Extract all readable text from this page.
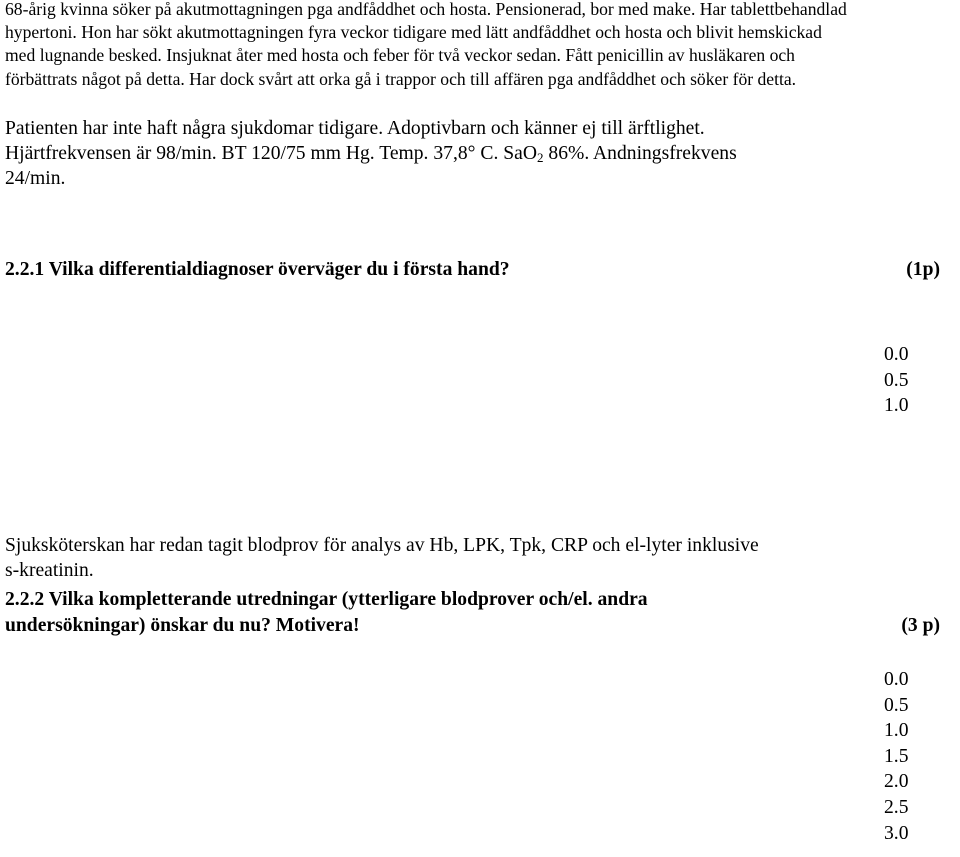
68-årig kvinna söker på akutmottagningen pga andfåddhet och hosta. Pensionerad, bor med make. Har tablettbehandlad
hypertoni. Hon har sökt akutmottagningen fyra veckor tidigare med lätt andfåddhet och hosta och blivit hemskickad
med lugnande besked. Insjuknat åter med hosta och feber för två veckor sedan. Fått penicillin av husläkaren och
förbättrats något på detta. Har dock svårt att orka gå i trappor och till affären pga andfåddhet och söker för detta.
Patienten har inte haft några sjukdomar tidigare. Adoptivbarn och känner ej till ärftlighet.
Hjärtfrekvensen är 98/min. BT 120/75 mm Hg. Temp. 37,8° C. SaO$_2$ 86%. Andningsfrekvens
24/min.
2.2.1 Vilka differentialdiagnoser överväger du i första hand?	(1p)
0.0
0.5
1.0
Sjuksköterskan har redan tagit blodprov för analys av Hb, LPK, Tpk, CRP och el-lyter inklusive
s-kreatinin.
2.2.2 Vilka kompletterande utredningar (ytterligare blodprover och/el. andra
undersökningar) önskar du nu? Motivera!	(3 p)
0.0
0.5
1.0
1.5
2.0
2.5
3.0
